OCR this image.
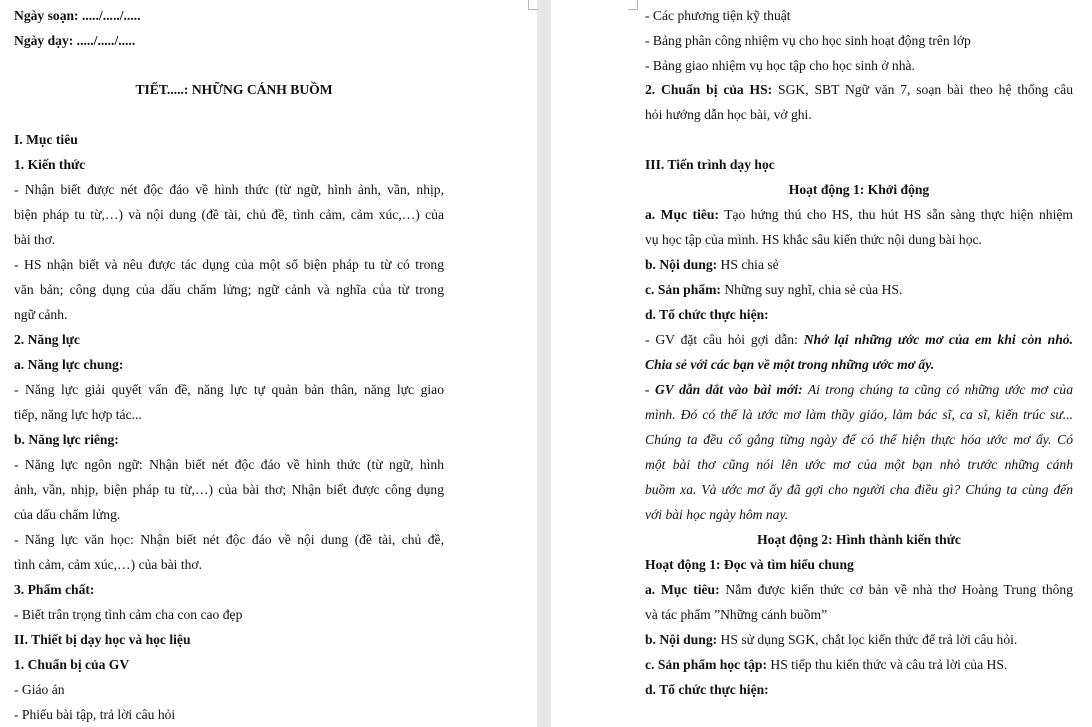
Ngày soạn: ...../...../.....
Ngày dạy: ...../...../.....
TIẾT.....: NHỮNG CÁNH BUỒM
I. Mục tiêu
1. Kiến thức
- Nhận biết được nét độc đáo về hình thức (từ ngữ, hình ảnh, vần, nhịp,
biện pháp tu từ,…) và nội dung (đề tài, chủ đề, tình cảm, cảm xúc,…) của
bài thơ.
- HS nhận biết và nêu được tác dụng của một số biện pháp tu từ có trong
văn bản; công dụng của dấu chấm lửng; ngữ cảnh và nghĩa của từ trong
ngữ cảnh.
2. Năng lực
a. Năng lực chung:
- Năng lực giải quyết vấn đề, năng lực tự quản bản thân, năng lực giao
tiếp, năng lực hợp tác...
b. Năng lực riêng:
- Năng lực ngôn ngữ: Nhận biết nét độc đáo về hình thức (từ ngữ, hình
ảnh, vần, nhịp, biện pháp tu từ,…) của bài thơ; Nhận biết được công dụng
của dấu chấm lửng.
- Năng lực văn học: Nhận biết nét độc đáo về nội dung (đề tài, chủ đề,
tình cảm, cảm xúc,…) của bài thơ.
3. Phẩm chất:
- Biết trân trọng tình cảm cha con cao đẹp
II. Thiết bị dạy học và học liệu
1. Chuẩn bị của GV
- Giáo án
- Phiếu bài tập, trả lời câu hỏi
- Các phương tiện kỹ thuật
- Bảng phân công nhiệm vụ cho học sinh hoạt động trên lớp
- Bảng giao nhiệm vụ học tập cho học sinh ở nhà.
2. Chuẩn bị của HS: SGK, SBT Ngữ văn 7, soạn bài theo hệ thống câu
hỏi hướng dẫn học bài, vở ghi.
III. Tiến trình dạy học
Hoạt động 1: Khởi động
a. Mục tiêu: Tạo hứng thú cho HS, thu hút HS sẵn sàng thực hiện nhiệm
vụ học tập của mình. HS khắc sâu kiến thức nội dung bài học.
b. Nội dung: HS chia sẻ
c. Sản phẩm: Những suy nghĩ, chia sẻ của HS.
d. Tổ chức thực hiện:
- GV đặt câu hỏi gợi dẫn: Nhớ lại những ước mơ của em khi còn nhỏ.
Chia sẻ với các bạn về một trong những ước mơ ấy.
- GV dẫn dắt vào bài mới: Ai trong chúng ta cũng có những ước mơ của
mình. Đó có thể là ước mơ làm thầy giáo, làm bác sĩ, ca sĩ, kiến trúc sư...
Chúng ta đều cố gắng từng ngày để có thể hiện thực hóa ước mơ ấy. Có
một bài thơ cũng nói lên ước mơ của một bạn nhỏ trước những cánh
buồm xa. Và ước mơ ấy đã gợi cho người cha điều gì? Chúng ta cùng đến
với bài học ngày hôm nay.
Hoạt động 2: Hình thành kiến thức
Hoạt động 1: Đọc và tìm hiểu chung
a. Mục tiêu: Nắm được kiến thức cơ bản về nhà thơ Hoàng Trung thông
và tác phẩm ”Những cánh buồm”
b. Nội dung: HS sử dụng SGK, chắt lọc kiến thức để trả lời câu hỏi.
c. Sản phẩm học tập: HS tiếp thu kiến thức và câu trả lời của HS.
d. Tổ chức thực hiện:
